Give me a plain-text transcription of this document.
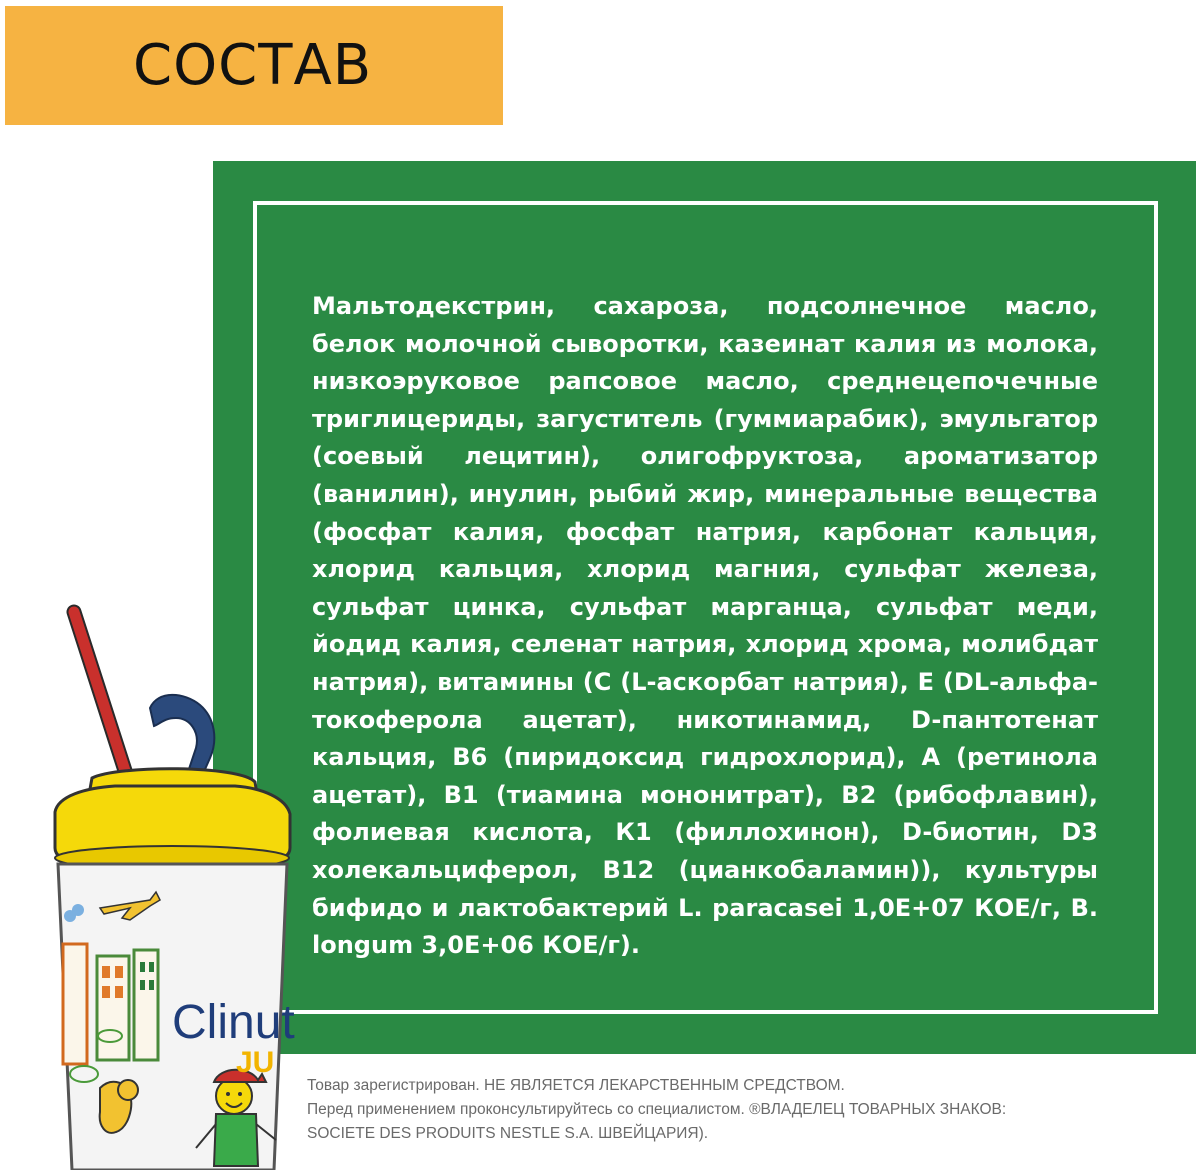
СОСТАВ
Мальтодекстрин, сахароза, подсолнечное масло, белок молочной сыворотки, казеинат калия из молока, низкоэруковое рапсовое масло, среднецепочечные триглицериды, загуститель (гуммиарабик), эмульгатор (соевый лецитин), олигофруктоза, ароматизатор (ванилин), инулин, рыбий жир, минеральные вещества (фосфат калия, фосфат натрия, карбонат кальция, хлорид кальция, хлорид магния, сульфат железа, сульфат цинка, сульфат марганца, сульфат меди, йодид калия, селенат натрия, хлорид хрома, молибдат натрия), витамины (С (L-аскорбат натрия), Е (DL-альфа-токоферола ацетат), никотинамид, D-пантотенат кальция, В6 (пиридоксид гидрохлорид), А (ретинола ацетат), В1 (тиамина мононитрат), В2 (рибофлавин), фолиевая кислота, К1 (филлохинон), D-биотин, D3 холекальциферол, В12 (цианкобаламин)), культуры бифидо и лактобактерий L. paracasei 1,0E+07 КОЕ/г, B. longum 3,0E+06 КОЕ/г).
Clinut
JU
Товар зарегистрирован. НЕ ЯВЛЯЕТСЯ ЛЕКАРСТВЕННЫМ СРЕДСТВОМ.
Перед применением проконсультируйтесь со специалистом. ®ВЛАДЕЛЕЦ ТОВАРНЫХ ЗНАКОВ:
SOCIETE DES PRODUITS NESTLE S.A. ШВЕЙЦАРИЯ).
